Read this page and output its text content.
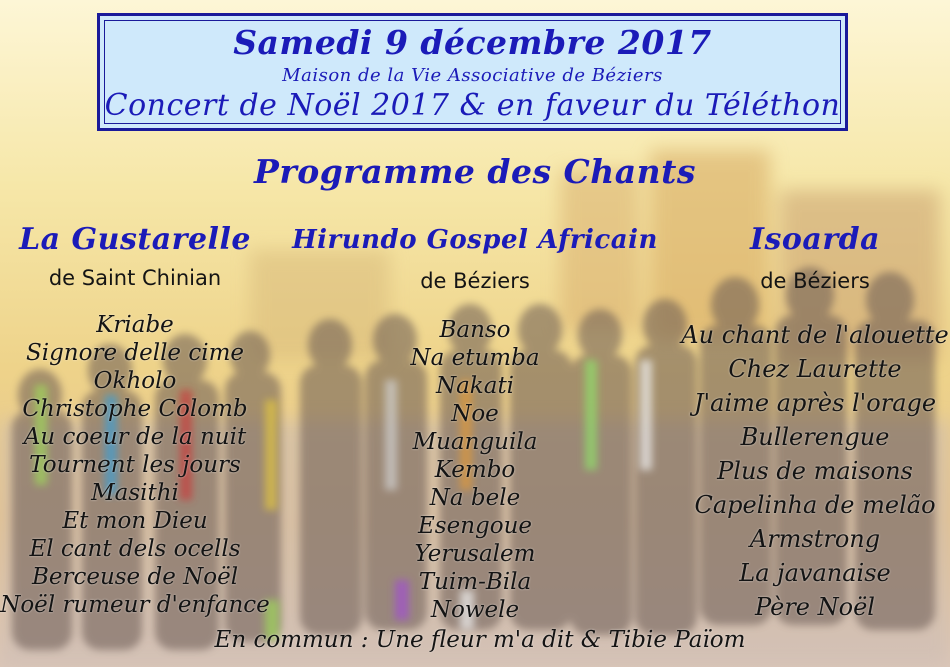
Samedi 9 décembre 2017
Maison de la Vie Associative de Béziers
Concert de Noël 2017 & en faveur du Téléthon
Programme des Chants
La Gustarelle
de Saint Chinian
Kriabe
Signore delle cime
Okholo
Christophe Colomb
Au coeur de la nuit
Tournent les jours
Masithi
Et mon Dieu
El cant dels ocells
Berceuse de Noël
Noël rumeur d'enfance
Hirundo Gospel Africain
de Béziers
Banso
Na etumba
Nakati
Noe
Muanguila
Kembo
Na bele
Esengoue
Yerusalem
Tuim-Bila
Nowele
Isoarda
de Béziers
Au chant de l'alouette
Chez Laurette
J'aime après l'orage
Bullerengue
Plus de maisons
Capelinha de melão
Armstrong
La javanaise
Père Noël
En commun : Une fleur m'a dit & Tibie Païom
